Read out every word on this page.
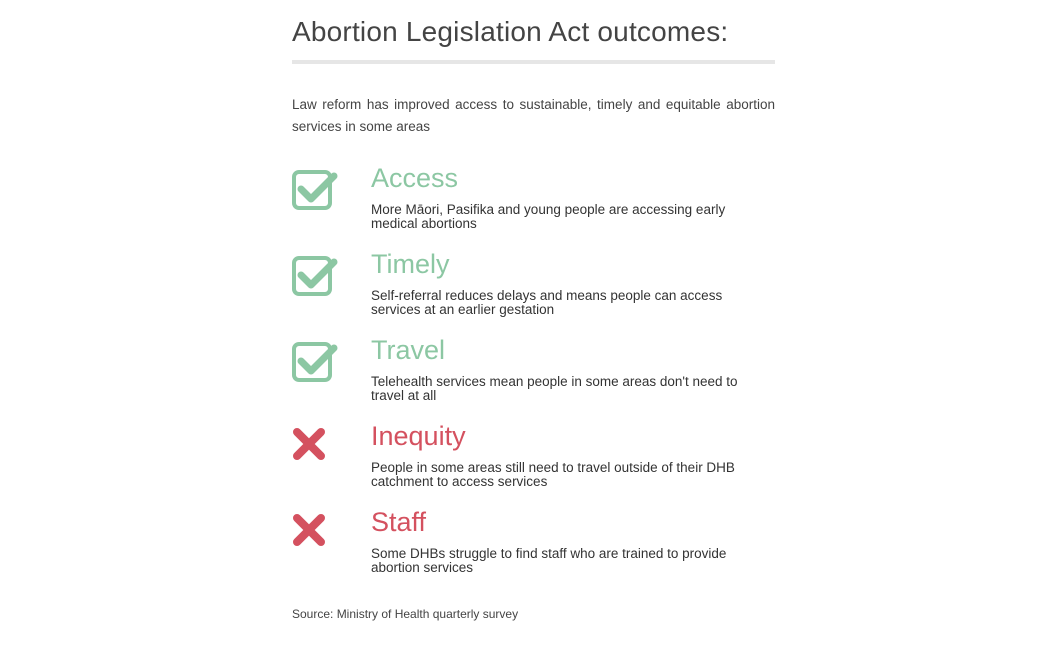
Abortion Legislation Act outcomes:

Law reform has improved access to sustainable, timely and equitable abortion services in some areas

Access
More Māori, Pasifika and young people are accessing early medical abortions
Timely
Self-referral reduces delays and means people can access services at an earlier gestation
Travel
Telehealth services mean people in some areas don't need to travel at all
Inequity
People in some areas still need to travel outside of their DHB catchment to access services
Staff
Some DHBs struggle to find staff who are trained to provide abortion services
Source: Ministry of Health quarterly survey
